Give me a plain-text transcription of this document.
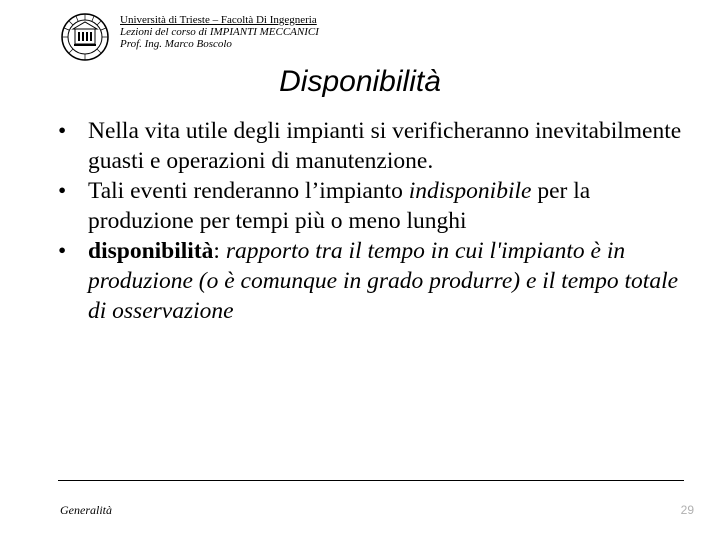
Università di Trieste – Facoltà Di Ingegneria
Lezioni del corso di IMPIANTI MECCANICI
Prof. Ing. Marco Boscolo
Disponibilità
• Nella vita utile degli impianti si verificheranno inevitabilmente guasti e operazioni di manutenzione.
• Tali eventi renderanno l’impianto indisponibile per la produzione per tempi più o meno lunghi
• disponibilità: rapporto tra il tempo in cui l'impianto è in produzione (o è comunque in grado produrre) e il tempo totale di osservazione
Generalità	29
